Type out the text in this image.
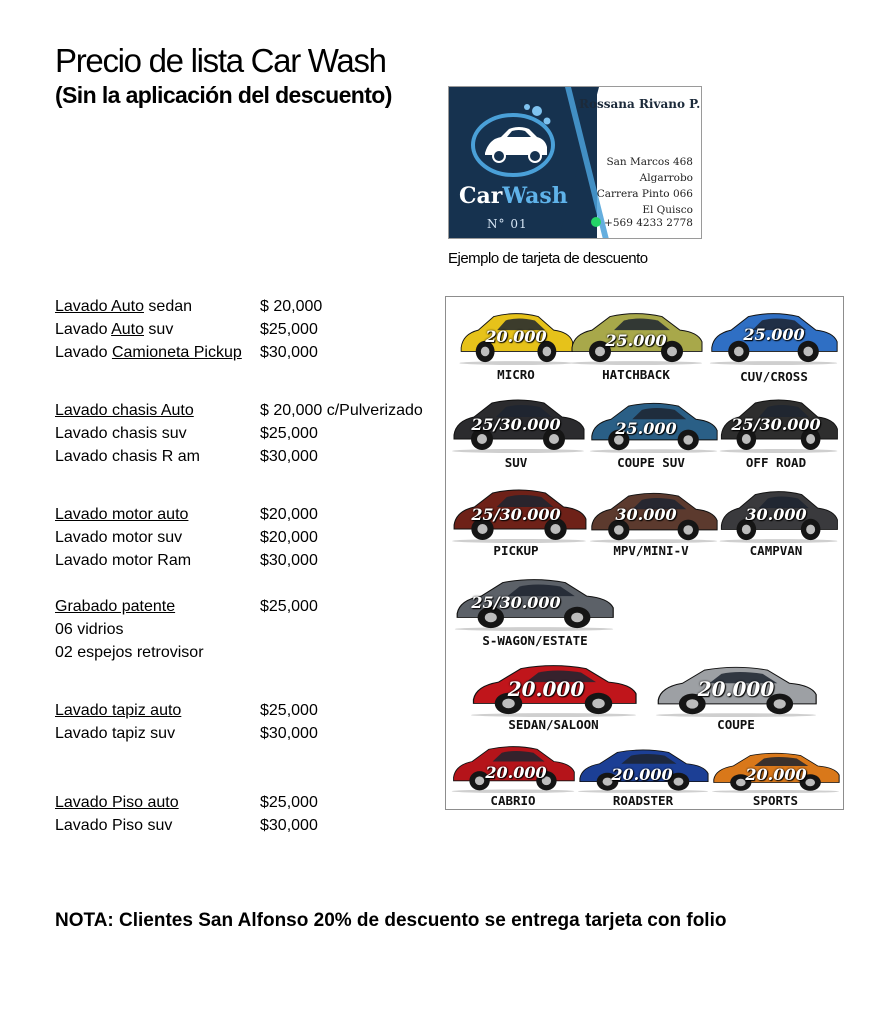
Precio de lista Car Wash
(Sin la aplicación del descuento)
CarWash
N° 01
Rossana Rivano P.
San Marcos 468
Algarrobo
Carrera Pinto 066
El Quisco
+569 4233 2778
Ejemplo de tarjeta de descuento
Lavado Auto sedan	$ 20,000
Lavado Auto suv	$25,000
Lavado Camioneta Pickup $30,000
Lavado chasis Auto	$ 20,000 c/Pulverizado
Lavado chasis suv	$25,000
Lavado chasis R am	$30,000
Lavado motor auto	$20,000
Lavado motor suv	$20,000
Lavado motor Ram	$30,000
Grabado patente	$25,000
06 vidrios
02 espejos retrovisor
Lavado tapiz auto	$25,000
Lavado tapiz suv	$30,000
Lavado Piso auto	$25,000
Lavado Piso suv	$30,000
20.000
MICRO
25.000
HATCHBACK
25.000
CUV/CROSS
25/30.000
SUV
25.000
COUPE SUV
25/30.000
OFF ROAD
25/30.000
PICKUP
30.000
MPV/MINI-V
30.000
CAMPVAN
25/30.000
S-WAGON/ESTATE
20.000
SEDAN/SALOON
20.000
COUPE
20.000
CABRIO
20.000
ROADSTER
20.000
SPORTS
NOTA: Clientes San Alfonso 20% de descuento se entrega tarjeta con folio
